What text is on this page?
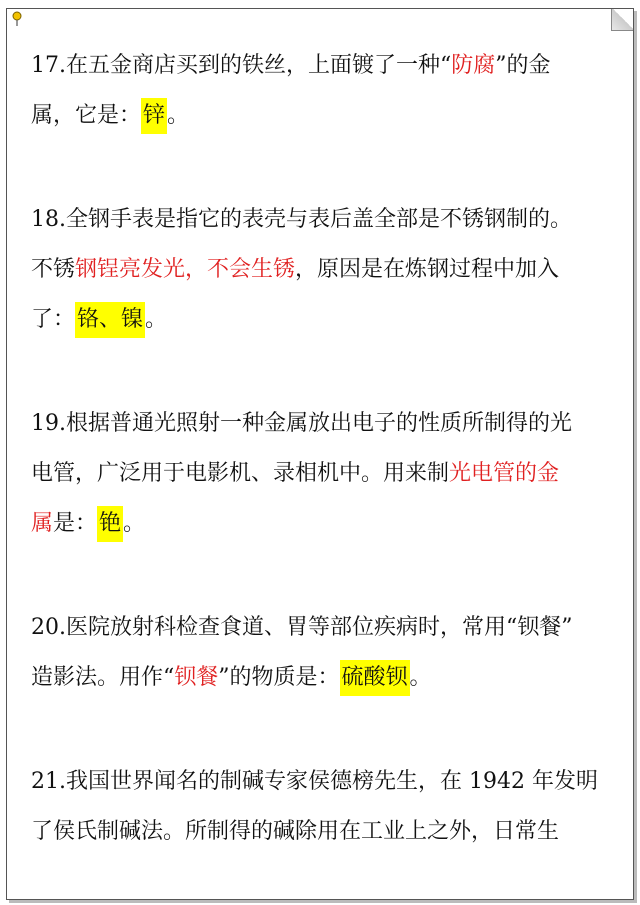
17.在五金商店买到的铁丝，上面镀了一种“防腐”的金
属，它是：锌。
18.全钢手表是指它的表壳与表后盖全部是不锈钢制的。
不锈钢锃亮发光，不会生锈，原因是在炼钢过程中加入
了：铬、镍。
19.根据普通光照射一种金属放出电子的性质所制得的光
电管，广泛用于电影机、录相机中。用来制光电管的金
属是：铯。
20.医院放射科检查食道、胃等部位疾病时，常用“钡餐”
造影法。用作“钡餐”的物质是：硫酸钡。
21.我国世界闻名的制碱专家侯德榜先生，在 1942 年发明
了侯氏制碱法。所制得的碱除用在工业上之外，日常生
